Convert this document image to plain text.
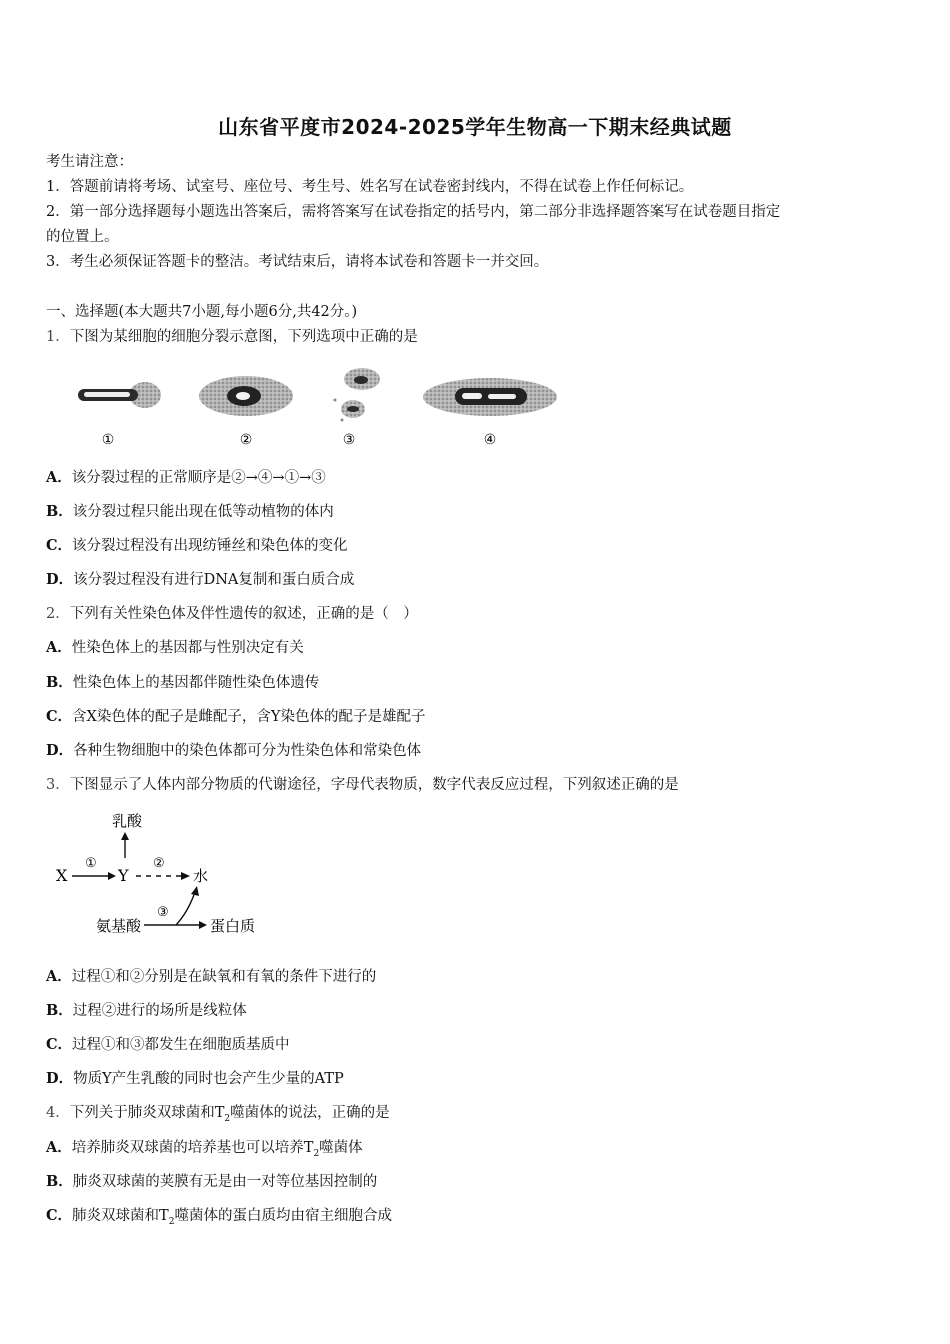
山东省平度市2024-2025学年生物高一下期末经典试题
考生请注意：
1．答题前请将考场、试室号、座位号、考生号、姓名写在试卷密封线内，不得在试卷上作任何标记。
2．第一部分选择题每小题选出答案后，需将答案写在试卷指定的括号内，第二部分非选择题答案写在试卷题目指定
的位置上。
3．考生必须保证答题卡的整洁。考试结束后，请将本试卷和答题卡一并交回。
一、选择题(本大题共7小题,每小题6分,共42分。)
1．下图为某细胞的细胞分裂示意图，下列选项中正确的是
①	②	③	④
A．该分裂过程的正常顺序是②→④→①→③
B．该分裂过程只能出现在低等动植物的体内
C．该分裂过程没有出现纺锤丝和染色体的变化
D．该分裂过程没有进行DNA复制和蛋白质合成
2．下列有关性染色体及伴性遗传的叙述，正确的是（　）
A．性染色体上的基因都与性别决定有关
B．性染色体上的基因都伴随性染色体遗传
C．含X染色体的配子是雌配子，含Y染色体的配子是雄配子
D．各种生物细胞中的染色体都可分为性染色体和常染色体
3．下图显示了人体内部分物质的代谢途径，字母代表物质，数字代表反应过程，下列叙述正确的是
乳酸
X
①
Y
②
水
氨基酸
③
蛋白质
A．过程①和②分别是在缺氧和有氧的条件下进行的
B．过程②进行的场所是线粒体
C．过程①和③都发生在细胞质基质中
D．物质Y产生乳酸的同时也会产生少量的ATP
4．下列关于肺炎双球菌和$T_2$噬菌体的说法，正确的是
A．培养肺炎双球菌的培养基也可以培养$T_2$噬菌体
B．肺炎双球菌的荚膜有无是由一对等位基因控制的
C．肺炎双球菌和$T_2$噬菌体的蛋白质均由宿主细胞合成
